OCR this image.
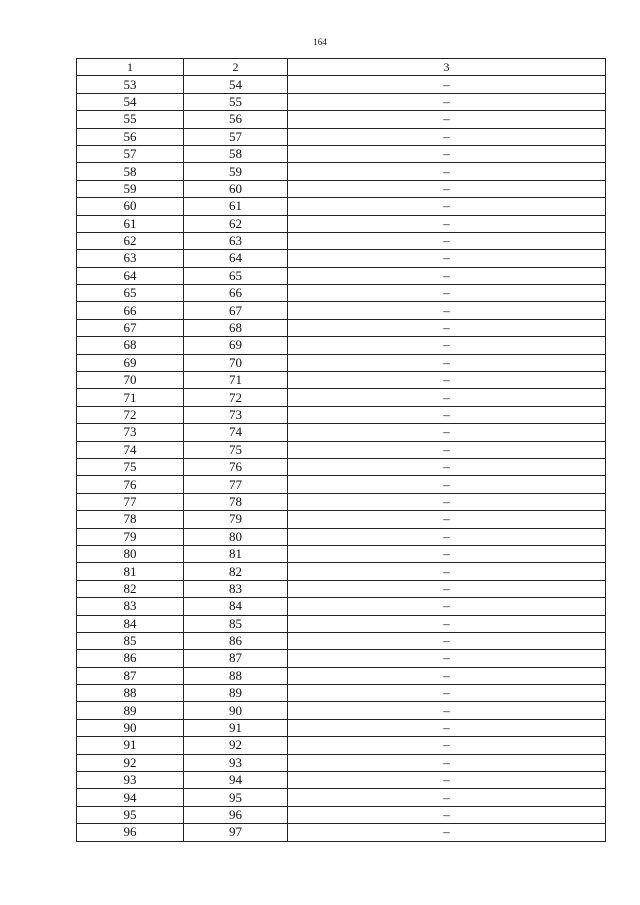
164
1	2	3
53	54	–
54	55	–
55	56	–
56	57	–
57	58	–
58	59	–
59	60	–
60	61	–
61	62	–
62	63	–
63	64	–
64	65	–
65	66	–
66	67	–
67	68	–
68	69	–
69	70	–
70	71	–
71	72	–
72	73	–
73	74	–
74	75	–
75	76	–
76	77	–
77	78	–
78	79	–
79	80	–
80	81	–
81	82	–
82	83	–
83	84	–
84	85	–
85	86	–
86	87	–
87	88	–
88	89	–
89	90	–
90	91	–
91	92	–
92	93	–
93	94	–
94	95	–
95	96	–
96	97	–
